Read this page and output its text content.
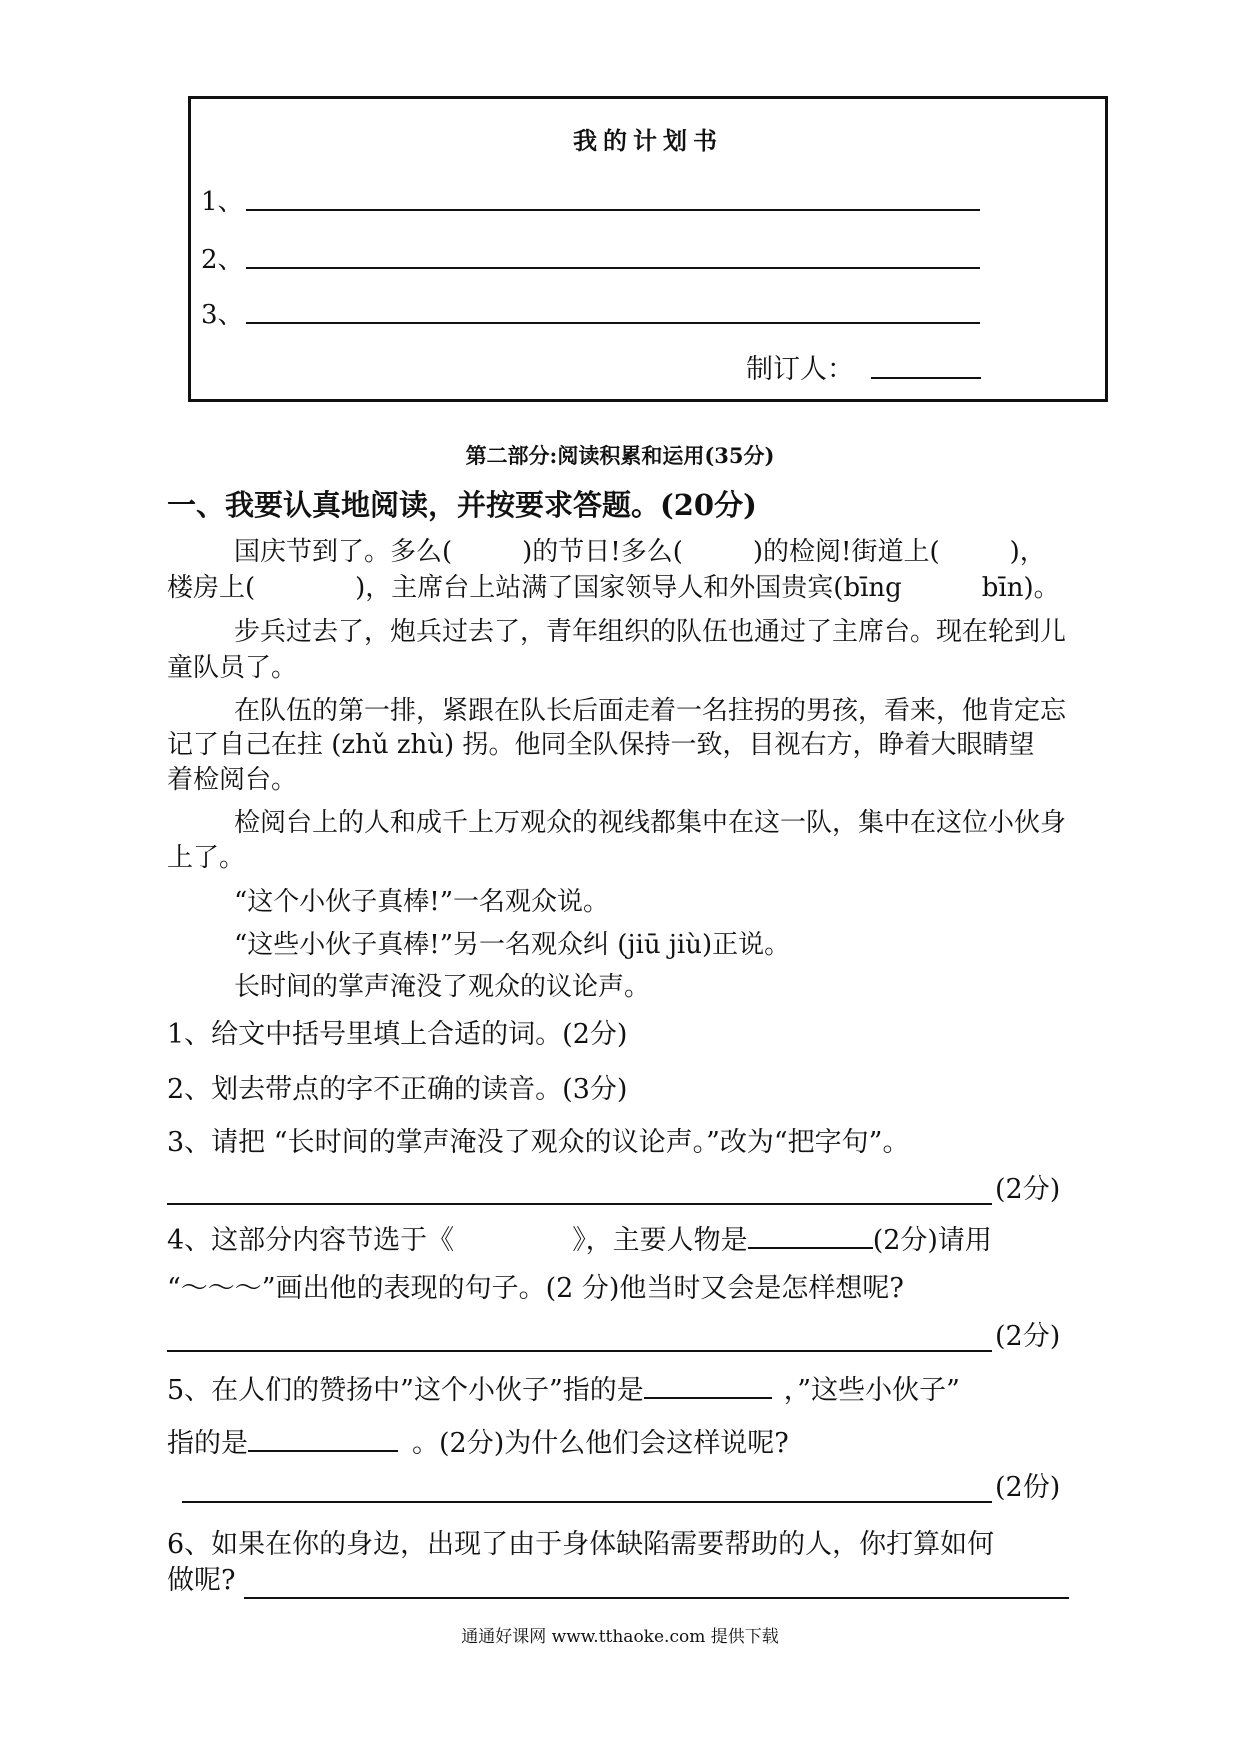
我的计划书
1、
2、
3、
制订人：
第二部分:阅读积累和运用(35分)
一、我要认真地阅读，并按要求答题。(20分)
国庆节到了。多么(	)的节日!多么(	)的检阅!街道上(	)，
楼房上(	)，主席台上站满了国家领导人和外国贵宾(bīng	bīn)。
步兵过去了，炮兵过去了，青年组织的队伍也通过了主席台。现在轮到儿
童队员了。
在队伍的第一排，紧跟在队长后面走着一名拄拐的男孩，看来，他肯定忘
记了自己在拄 (zhǔ zhù) 拐。他同全队保持一致，目视右方，睁着大眼睛望
着检阅台。
检阅台上的人和成千上万观众的视线都集中在这一队，集中在这位小伙身
上了。
“这个小伙子真棒!”一名观众说。
“这些小伙子真棒!”另一名观众纠 (jiū jiù)正说。
长时间的掌声淹没了观众的议论声。
1、给文中括号里填上合适的词。(2分)
2、划去带点的字不正确的读音。(3分)
3、请把 “长时间的掌声淹没了观众的议论声。”改为“把字句”。
(2分)
4、这部分内容节选于《	》，主要人物是	(2分)请用
“～～～”画出他的表现的句子。(2 分)他当时又会是怎样想呢?
(2分)
5、在人们的赞扬中”这个小伙子”指的是	，”这些小伙子”
指的是	。(2分)为什么他们会这样说呢?
(2份)
6、如果在你的身边，出现了由于身体缺陷需要帮助的人，你打算如何
做呢?
通通好课网 www.tthaoke.com 提供下载
